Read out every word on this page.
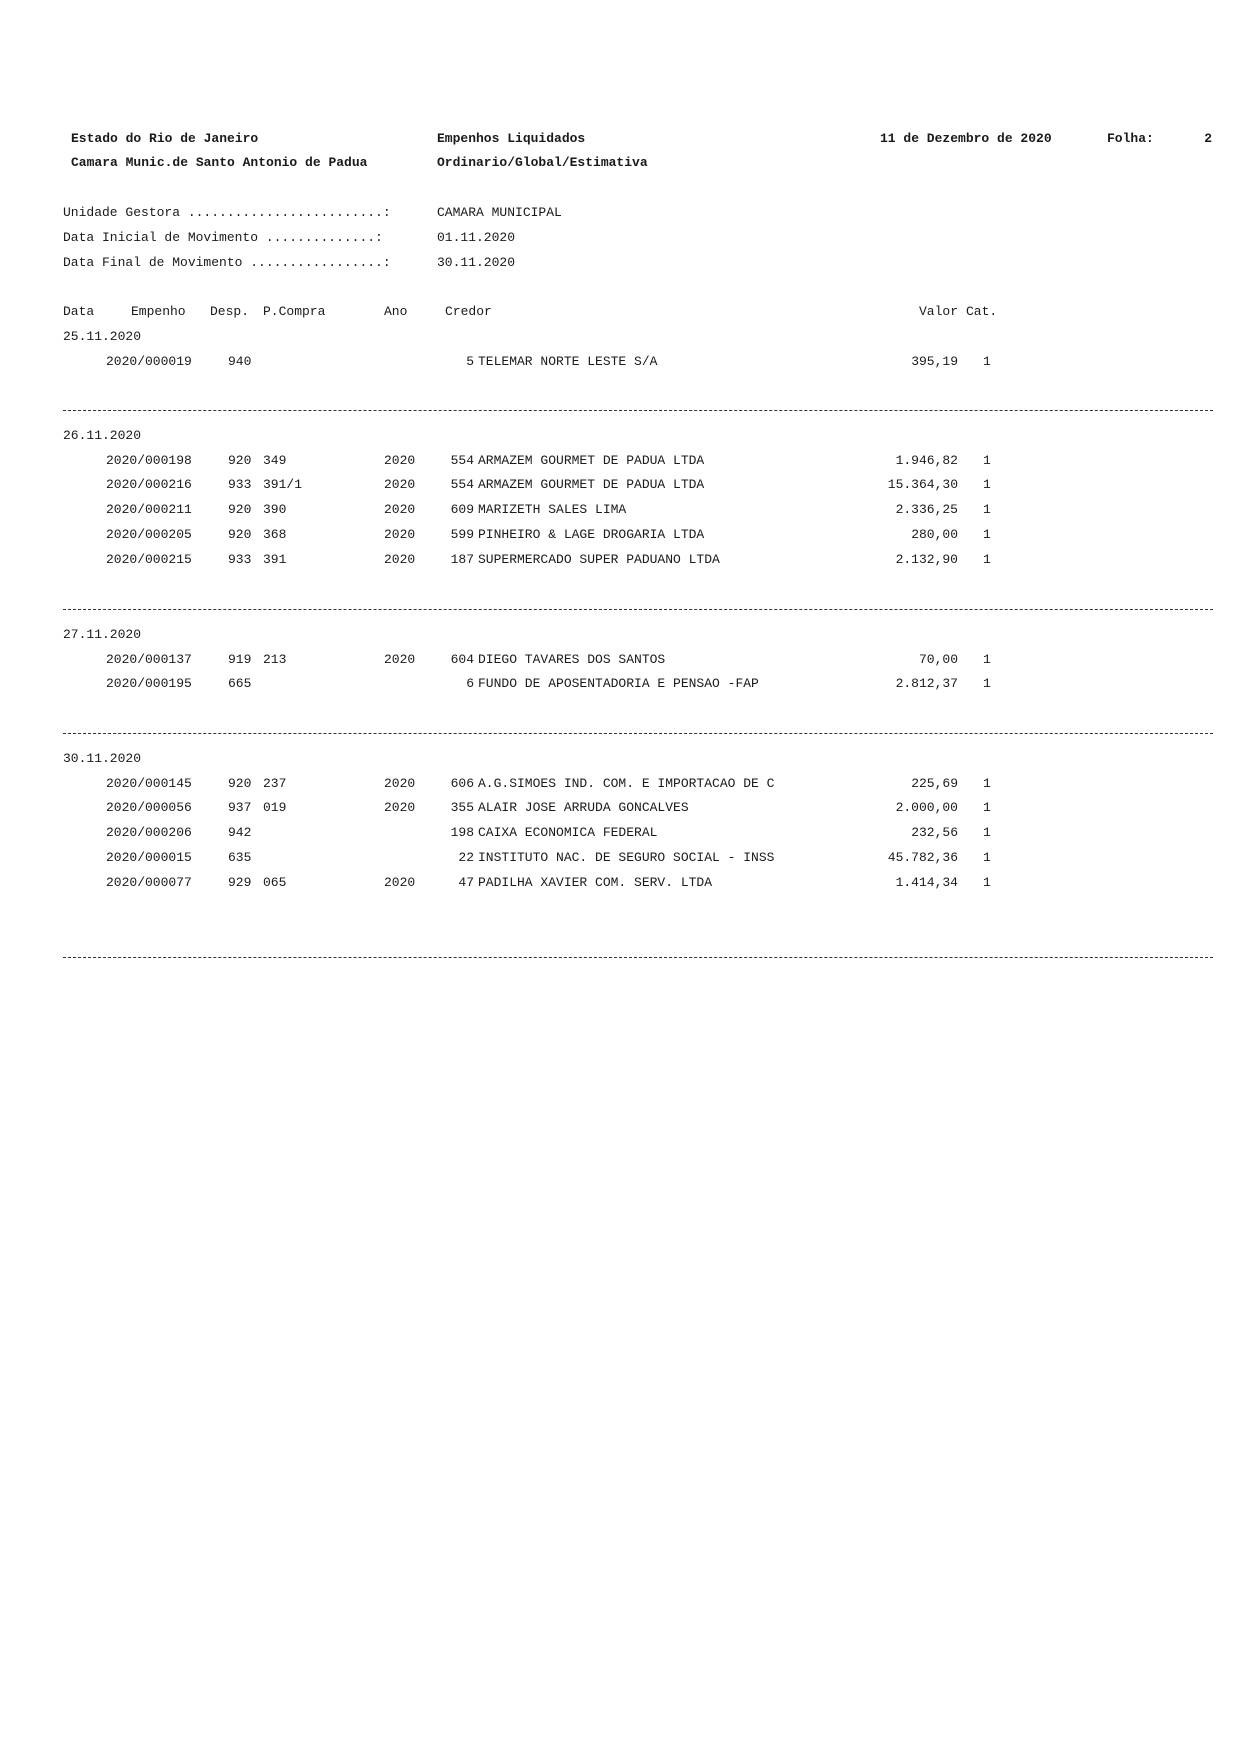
Estado do Rio de Janeiro
Camara Munic.de Santo Antonio de Padua
Empenhos Liquidados
Ordinario/Global/Estimativa
11 de Dezembro de 2020	Folha:	2
Unidade Gestora .........................:	CAMARA MUNICIPAL
Data Inicial de Movimento ..............:	01.11.2020
Data Final de Movimento .................:	30.11.2020
Data	Empenho Desp. P.Compra	Ano	Credor	Valor Cat.
25.11.2020
2020/000019	940	5 TELEMAR NORTE LESTE S/A	395,19 1
26.11.2020
2020/000198	920 349	2020	554 ARMAZEM GOURMET DE PADUA LTDA	1.946,82 1
2020/000216	933 391/1	2020	554 ARMAZEM GOURMET DE PADUA LTDA	15.364,30 1
2020/000211	920 390	2020	609 MARIZETH SALES LIMA	2.336,25 1
2020/000205	920 368	2020	599 PINHEIRO & LAGE DROGARIA LTDA	280,00 1
2020/000215	933 391	2020	187 SUPERMERCADO SUPER PADUANO LTDA	2.132,90 1
27.11.2020
2020/000137	919 213	2020	604 DIEGO TAVARES DOS SANTOS	70,00 1
2020/000195	665	6 FUNDO DE APOSENTADORIA E PENSAO -FAP	2.812,37 1
30.11.2020
2020/000145	920 237	2020	606 A.G.SIMOES IND. COM. E IMPORTACAO DE C	225,69 1
2020/000056	937 019	2020	355 ALAIR JOSE ARRUDA GONCALVES	2.000,00 1
2020/000206	942	198 CAIXA ECONOMICA FEDERAL	232,56 1
2020/000015	635	22 INSTITUTO NAC. DE SEGURO SOCIAL - INSS	45.782,36 1
2020/000077	929 065	2020	47 PADILHA XAVIER COM. SERV. LTDA	1.414,34 1
